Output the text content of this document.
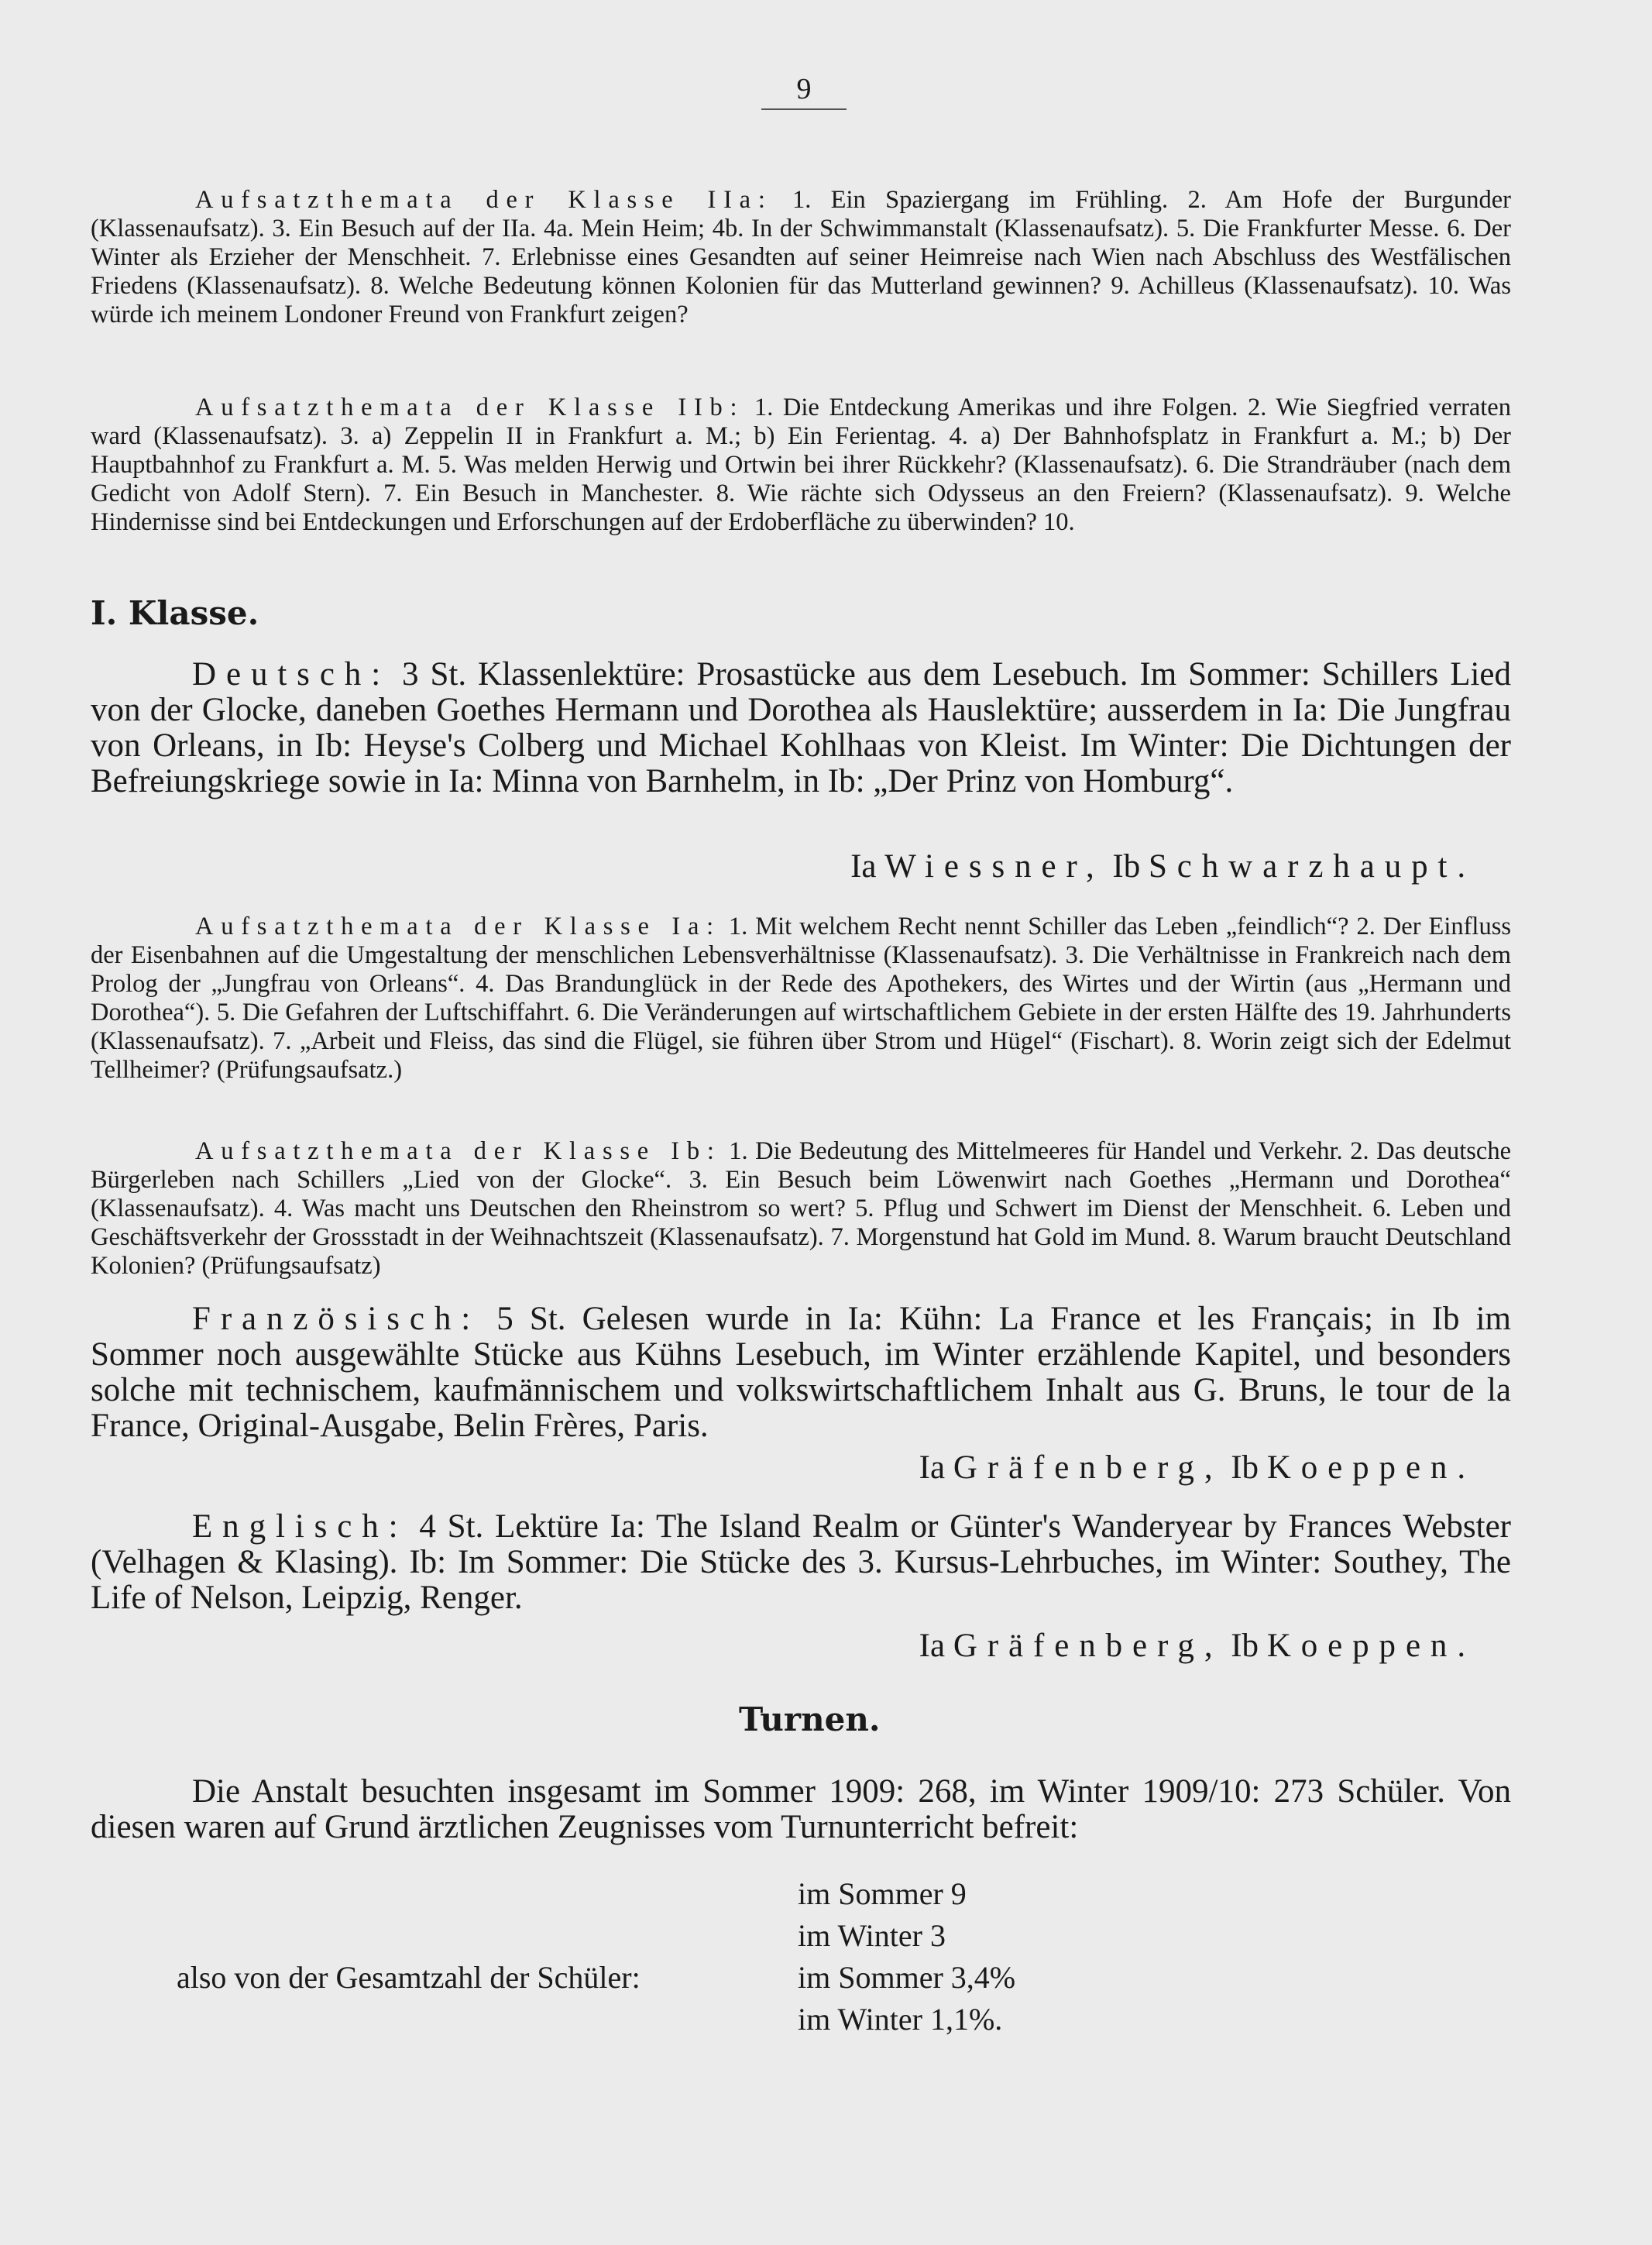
9
Aufsatzthemata der Klasse IIa: 1. Ein Spaziergang im Frühling. 2. Am Hofe der Burgunder (Klassenaufsatz). 3. Ein Besuch auf der IIa. 4a. Mein Heim; 4b. In der Schwimmanstalt (Klassenaufsatz). 5. Die Frankfurter Messe. 6. Der Winter als Erzieher der Menschheit. 7. Erlebnisse eines Gesandten auf seiner Heimreise nach Wien nach Abschluss des Westfälischen Friedens (Klassenaufsatz). 8. Welche Bedeutung können Kolonien für das Mutterland gewinnen? 9. Achilleus (Klassenaufsatz). 10. Was würde ich meinem Londoner Freund von Frankfurt zeigen?
Aufsatzthemata der Klasse IIb: 1. Die Entdeckung Amerikas und ihre Folgen. 2. Wie Siegfried verraten ward (Klassenaufsatz). 3. a) Zeppelin II in Frankfurt a. M.; b) Ein Ferientag. 4. a) Der Bahnhofsplatz in Frankfurt a. M.; b) Der Hauptbahnhof zu Frankfurt a. M. 5. Was melden Herwig und Ortwin bei ihrer Rückkehr? (Klassenaufsatz). 6. Die Strandräuber (nach dem Gedicht von Adolf Stern). 7. Ein Besuch in Manchester. 8. Wie rächte sich Odysseus an den Freiern? (Klassenaufsatz). 9. Welche Hindernisse sind bei Entdeckungen und Erforschungen auf der Erdoberfläche zu überwinden? 10.
I. Klasse.
Deutsch: 3 St. Klassenlektüre: Prosastücke aus dem Lesebuch. Im Sommer: Schillers Lied von der Glocke, daneben Goethes Hermann und Dorothea als Hauslektüre; ausserdem in Ia: Die Jungfrau von Orleans, in Ib: Heyse's Colberg und Michael Kohlhaas von Kleist. Im Winter: Die Dichtungen der Befreiungskriege sowie in Ia: Minna von Barnhelm, in Ib: „Der Prinz von Homburg“.
Ia Wiessner, Ib Schwarzhaupt.
Aufsatzthemata der Klasse Ia: 1. Mit welchem Recht nennt Schiller das Leben „feindlich“? 2. Der Einfluss der Eisenbahnen auf die Umgestaltung der menschlichen Lebensverhältnisse (Klassenaufsatz). 3. Die Verhältnisse in Frankreich nach dem Prolog der „Jungfrau von Orleans“. 4. Das Brandunglück in der Rede des Apothekers, des Wirtes und der Wirtin (aus „Hermann und Dorothea“). 5. Die Gefahren der Luftschiffahrt. 6. Die Veränderungen auf wirtschaftlichem Gebiete in der ersten Hälfte des 19. Jahrhunderts (Klassenaufsatz). 7. „Arbeit und Fleiss, das sind die Flügel, sie führen über Strom und Hügel“ (Fischart). 8. Worin zeigt sich der Edelmut Tellheimer? (Prüfungsaufsatz.)
Aufsatzthemata der Klasse Ib: 1. Die Bedeutung des Mittelmeeres für Handel und Verkehr. 2. Das deutsche Bürgerleben nach Schillers „Lied von der Glocke“. 3. Ein Besuch beim Löwenwirt nach Goethes „Hermann und Dorothea“ (Klassenaufsatz). 4. Was macht uns Deutschen den Rheinstrom so wert? 5. Pflug und Schwert im Dienst der Menschheit. 6. Leben und Geschäftsverkehr der Grossstadt in der Weihnachtszeit (Klassenaufsatz). 7. Morgenstund hat Gold im Mund. 8. Warum braucht Deutschland Kolonien? (Prüfungsaufsatz)
Französisch: 5 St. Gelesen wurde in Ia: Kühn: La France et les Français; in Ib im Sommer noch ausgewählte Stücke aus Kühns Lesebuch, im Winter erzählende Kapitel, und besonders solche mit technischem, kaufmännischem und volkswirtschaftlichem Inhalt aus G. Bruns, le tour de la France, Original-Ausgabe, Belin Frères, Paris.
Ia Gräfenberg, Ib Koeppen.
Englisch: 4 St. Lektüre Ia: The Island Realm or Günter's Wanderyear by Frances Webster (Velhagen & Klasing). Ib: Im Sommer: Die Stücke des 3. Kursus-Lehrbuches, im Winter: Southey, The Life of Nelson, Leipzig, Renger.
Ia Gräfenberg, Ib Koeppen.
Turnen.
Die Anstalt besuchten insgesamt im Sommer 1909: 268, im Winter 1909/10: 273 Schüler. Von diesen waren auf Grund ärztlichen Zeugnisses vom Turnunterricht befreit:
im Sommer 9
im Winter 3
im Sommer 3,4%
im Winter 1,1%.
also von der Gesamtzahl der Schüler:
